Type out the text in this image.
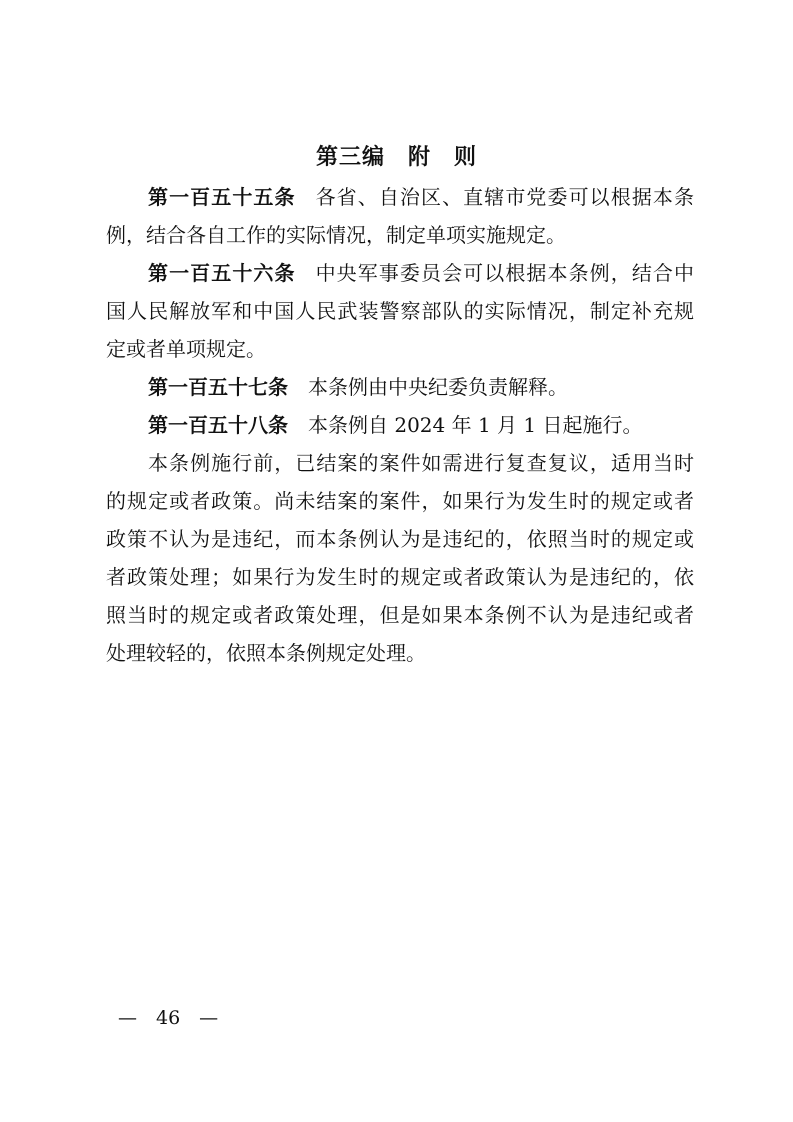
第三编　附　则
第一百五十五条 各省、自治区、直辖市党委可以根据本条
例，结合各自工作的实际情况，制定单项实施规定。
第一百五十六条 中央军事委员会可以根据本条例，结合中
国人民解放军和中国人民武装警察部队的实际情况，制定补充规
定或者单项规定。
第一百五十七条 本条例由中央纪委负责解释。
第一百五十八条 本条例自 2024 年 1 月 1 日起施行。
本条例施行前，已结案的案件如需进行复查复议，适用当时
的规定或者政策。尚未结案的案件，如果行为发生时的规定或者
政策不认为是违纪，而本条例认为是违纪的，依照当时的规定或
者政策处理；如果行为发生时的规定或者政策认为是违纪的，依
照当时的规定或者政策处理，但是如果本条例不认为是违纪或者
处理较轻的，依照本条例规定处理。
—　46　—
